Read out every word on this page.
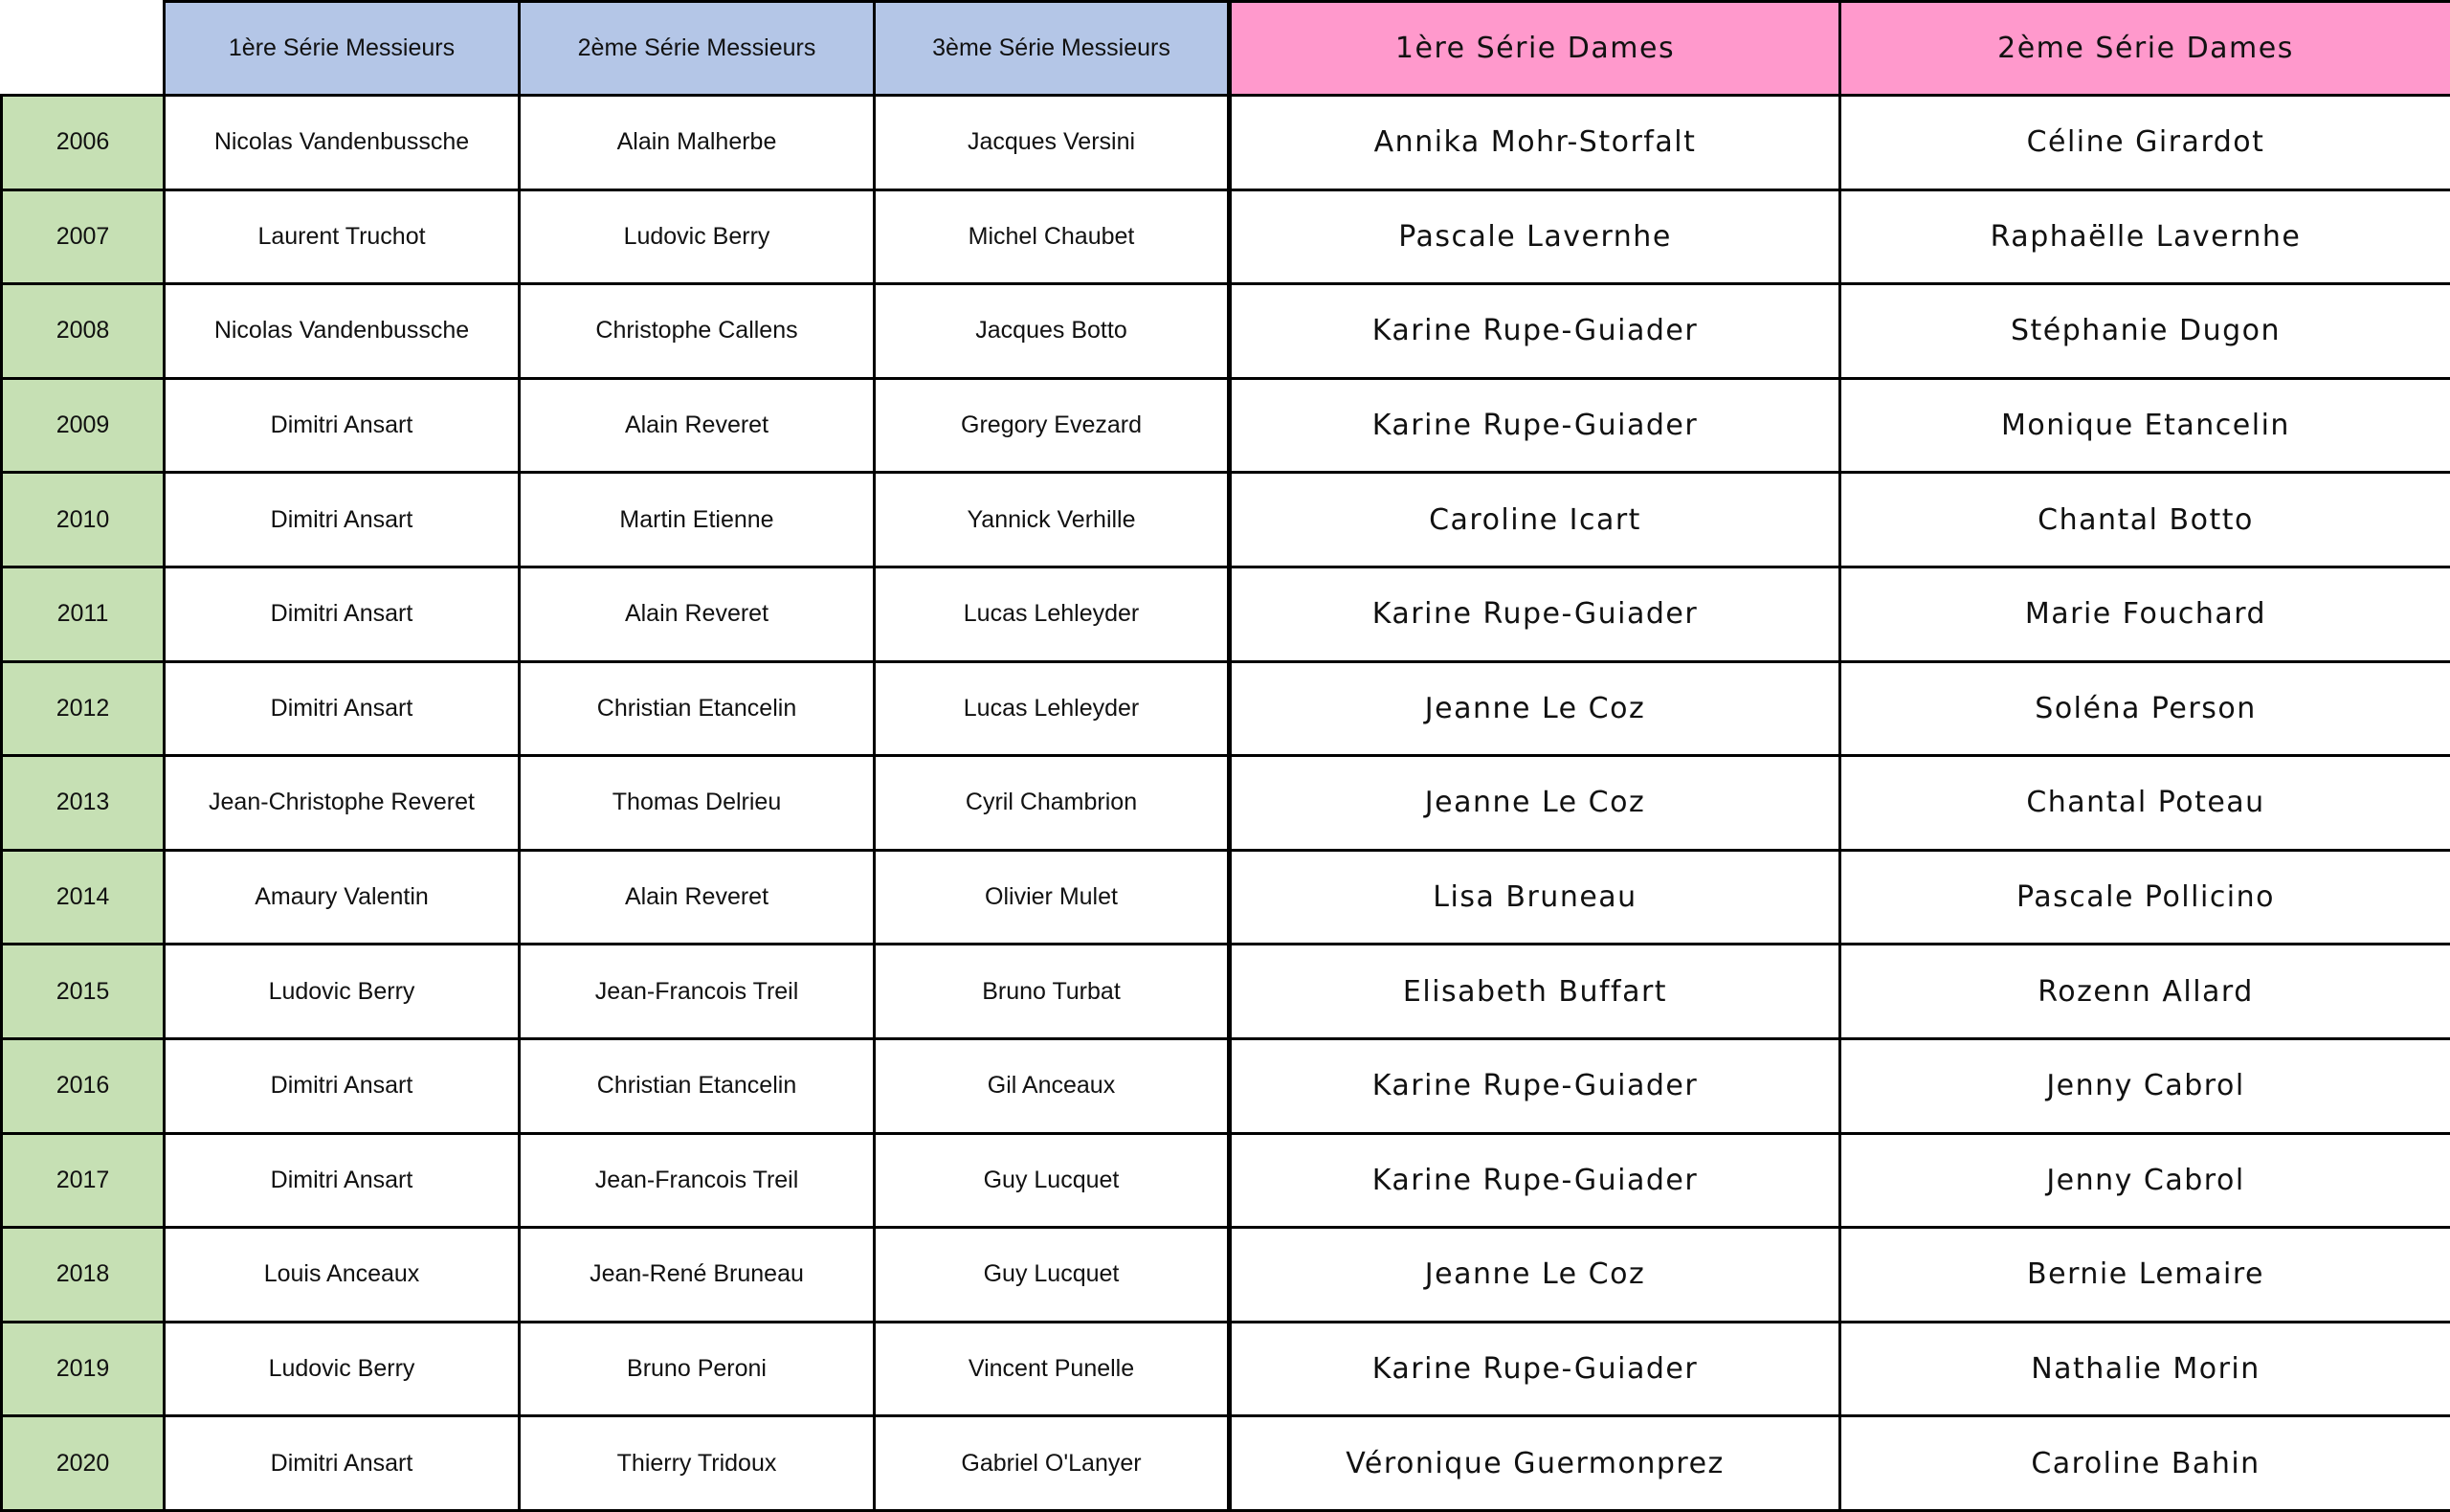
	1ère Série Messieurs	2ème Série Messieurs	3ème Série Messieurs	1ère Série Dames	2ème Série Dames
2006	Nicolas Vandenbussche	Alain Malherbe	Jacques Versini	Annika Mohr-Storfalt	Céline Girardot
2007	Laurent Truchot	Ludovic Berry	Michel Chaubet	Pascale Lavernhe	Raphaëlle Lavernhe
2008	Nicolas Vandenbussche	Christophe Callens	Jacques Botto	Karine Rupe-Guiader	Stéphanie Dugon
2009	Dimitri Ansart	Alain Reveret	Gregory Evezard	Karine Rupe-Guiader	Monique Etancelin
2010	Dimitri Ansart	Martin Etienne	Yannick Verhille	Caroline Icart	Chantal Botto
2011	Dimitri Ansart	Alain Reveret	Lucas Lehleyder	Karine Rupe-Guiader	Marie Fouchard
2012	Dimitri Ansart	Christian Etancelin	Lucas Lehleyder	Jeanne Le Coz	Soléna Person
2013	Jean-Christophe Reveret	Thomas Delrieu	Cyril Chambrion	Jeanne Le Coz	Chantal Poteau
2014	Amaury Valentin	Alain Reveret	Olivier Mulet	Lisa Bruneau	Pascale Pollicino
2015	Ludovic Berry	Jean-Francois Treil	Bruno Turbat	Elisabeth Buffart	Rozenn Allard
2016	Dimitri Ansart	Christian Etancelin	Gil Anceaux	Karine Rupe-Guiader	Jenny Cabrol
2017	Dimitri Ansart	Jean-Francois Treil	Guy Lucquet	Karine Rupe-Guiader	Jenny Cabrol
2018	Louis Anceaux	Jean-René Bruneau	Guy Lucquet	Jeanne Le Coz	Bernie Lemaire
2019	Ludovic Berry	Bruno Peroni	Vincent Punelle	Karine Rupe-Guiader	Nathalie Morin
2020	Dimitri Ansart	Thierry Tridoux	Gabriel O'Lanyer	Véronique Guermonprez	Caroline Bahin
